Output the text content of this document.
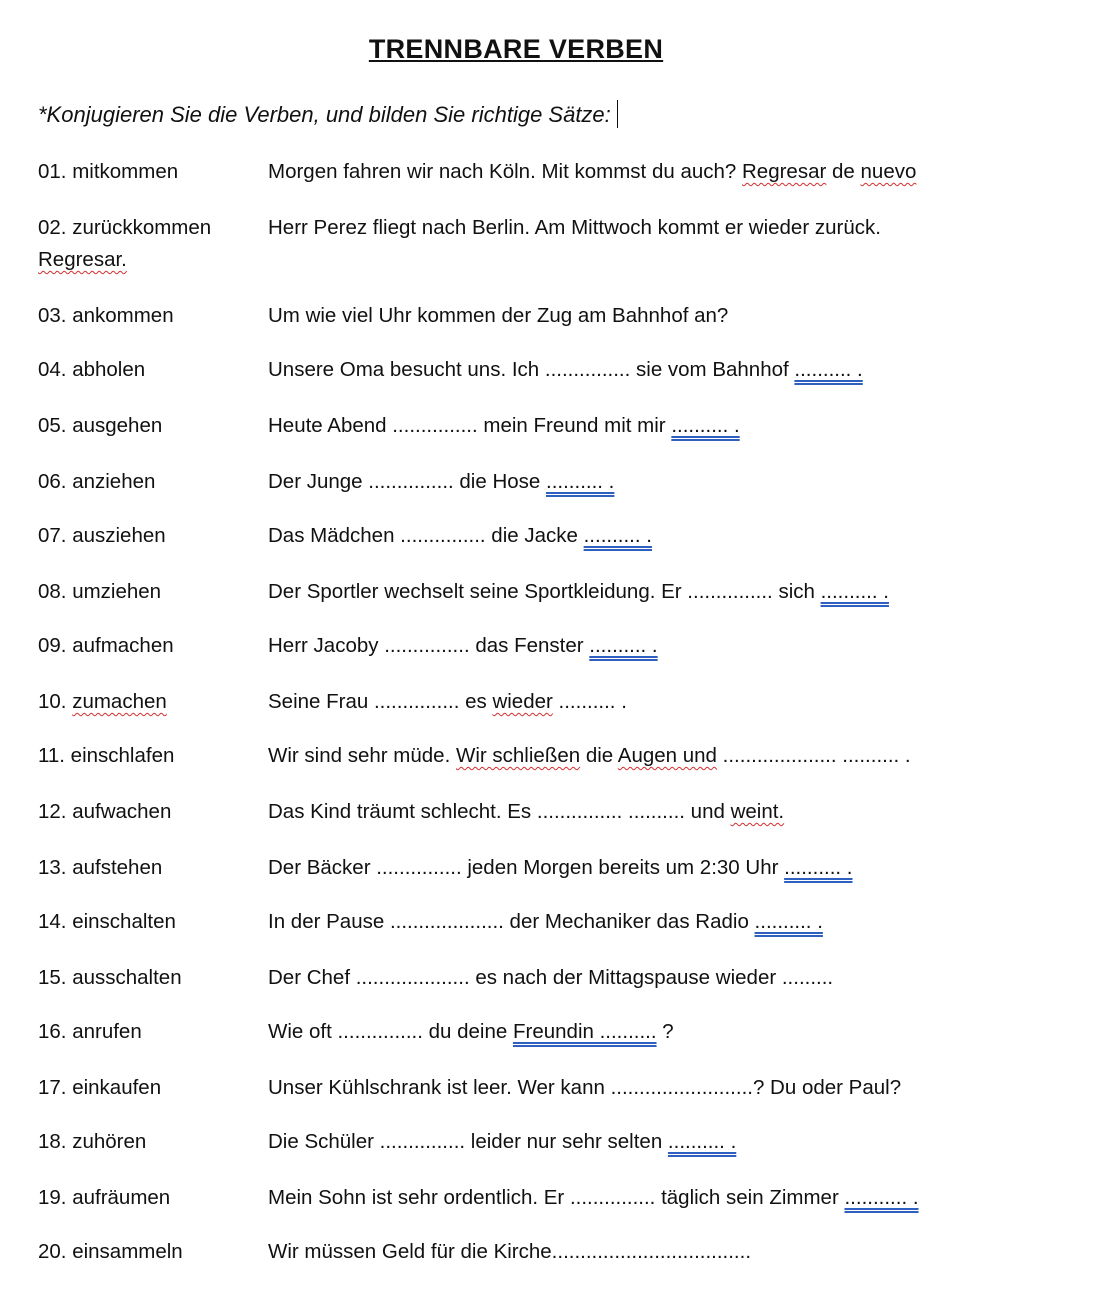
TRENNBARE VERBEN
*Konjugieren Sie die Verben, und bilden Sie richtige Sätze:
01. mitkommen	Morgen fahren wir nach Köln. Mit kommst du auch? Regresar de nuevo
02. zurückkommen	Herr Perez fliegt nach Berlin. Am Mittwoch kommt er wieder zurück.
Regresar.
03. ankommen	Um wie viel Uhr kommen der Zug am Bahnhof an?
04. abholen	Unsere Oma besucht uns. Ich ............... sie vom Bahnhof .......... .
05. ausgehen	Heute Abend ............... mein Freund mit mir .......... .
06. anziehen	Der Junge ............... die Hose .......... .
07. ausziehen	Das Mädchen ............... die Jacke .......... .
08. umziehen	Der Sportler wechselt seine Sportkleidung. Er ............... sich .......... .
09. aufmachen	Herr Jacoby ............... das Fenster .......... .
10. zumachen	Seine Frau ............... es wieder .......... .
11. einschlafen	Wir sind sehr müde. Wir schließen die Augen und .................... .......... .
12. aufwachen	Das Kind träumt schlecht. Es ............... .......... und weint.
13. aufstehen	Der Bäcker ............... jeden Morgen bereits um 2:30 Uhr .......... .
14. einschalten	In der Pause .................... der Mechaniker das Radio .......... .
15. ausschalten	Der Chef .................... es nach der Mittagspause wieder .........
16. anrufen	Wie oft ............... du deine Freundin .......... ?
17. einkaufen	Unser Kühlschrank ist leer. Wer kann .........................? Du oder Paul?
18. zuhören	Die Schüler ............... leider nur sehr selten .......... .
19. aufräumen	Mein Sohn ist sehr ordentlich. Er ............... täglich sein Zimmer ........... .
20. einsammeln	Wir müssen Geld für die Kirche...................................
